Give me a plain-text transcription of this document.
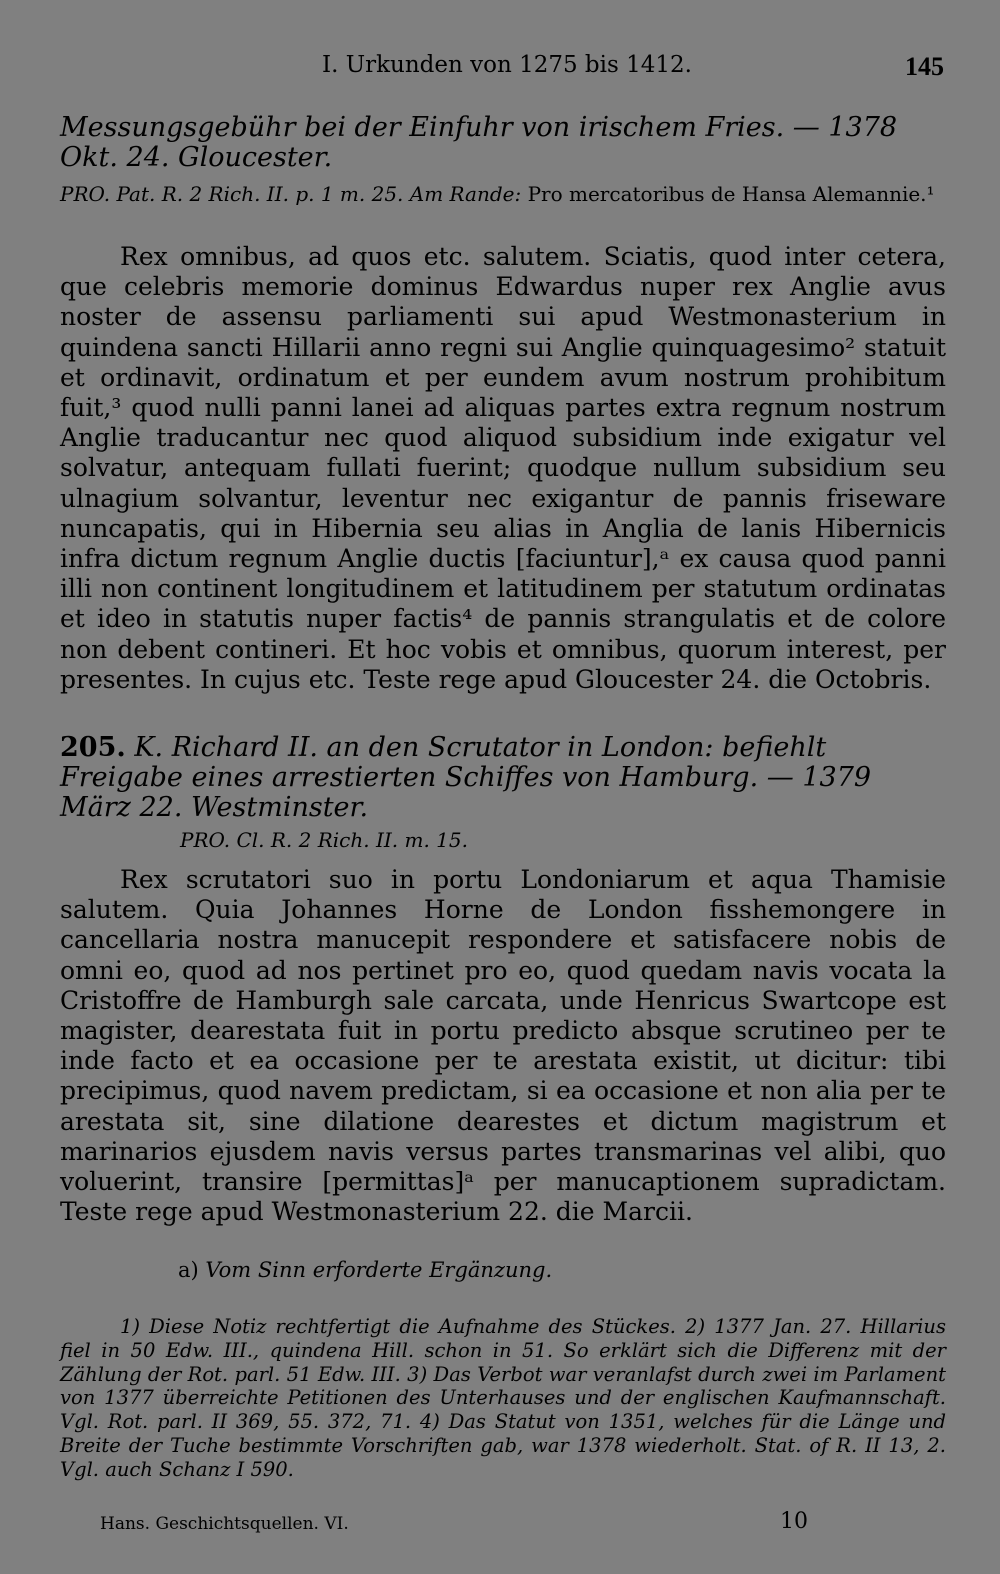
I. Urkunden von 1275 bis 1412.	145
Messungsgebühr bei der Einfuhr von irischem Fries. — 1378 Okt. 24. Gloucester.
PRO. Pat. R. 2 Rich. II. p. 1 m. 25. Am Rande: Pro mercatoribus de Hansa Alemannie.¹

Rex omnibus, ad quos etc. salutem. Sciatis, quod inter cetera, que celebris memorie dominus Edwardus nuper rex Anglie avus noster de assensu parliamenti sui apud Westmonasterium in quindena sancti Hillarii anno regni sui Anglie quinquagesimo² statuit et ordinavit, ordinatum et per eundem avum nostrum prohibitum fuit,³ quod nulli panni lanei ad aliquas partes extra regnum nostrum Anglie traducantur nec quod aliquod subsidium inde exigatur vel solvatur, antequam fullati fuerint; quodque nullum subsidium seu ulnagium solvantur, leventur nec exigantur de pannis friseware nuncapatis, qui in Hibernia seu alias in Anglia de lanis Hibernicis infra dictum regnum Anglie ductis [faciuntur],ᵃ ex causa quod panni illi non continent longitudinem et latitudinem per statutum ordinatas et ideo in statutis nuper factis⁴ de pannis strangulatis et de colore non debent contineri. Et hoc vobis et omnibus, quorum interest, per presentes. In cujus etc. Teste rege apud Gloucester 24. die Octobris.

205. K. Richard II. an den Scrutator in London: befiehlt Freigabe eines arrestierten Schiffes von Hamburg. — 1379 März 22. Westminster.
PRO. Cl. R. 2 Rich. II. m. 15.

Rex scrutatori suo in portu Londoniarum et aqua Thamisie salutem. Quia Johannes Horne de London fisshemongere in cancellaria nostra manucepit respondere et satisfacere nobis de omni eo, quod ad nos pertinet pro eo, quod quedam navis vocata la Cristoffre de Hamburgh sale carcata, unde Henricus Swartcope est magister, dearestata fuit in portu predicto absque scrutineo per te inde facto et ea occasione per te arestata existit, ut dicitur: tibi precipimus, quod navem predictam, si ea occasione et non alia per te arestata sit, sine dilatione dearestes et dictum magistrum et marinarios ejusdem navis versus partes transmarinas vel alibi, quo voluerint, transire [permittas]ᵃ per manucaptionem supradictam. Teste rege apud Westmonasterium 22. die Marcii.

a) Vom Sinn erforderte Ergänzung.

1) Diese Notiz rechtfertigt die Aufnahme des Stückes. 2) 1377 Jan. 27. Hillarius fiel in 50 Edw. III., quindena Hill. schon in 51. So erklärt sich die Differenz mit der Zählung der Rot. parl. 51 Edw. III. 3) Das Verbot war veranlafst durch zwei im Parlament von 1377 überreichte Petitionen des Unterhauses und der englischen Kaufmannschaft. Vgl. Rot. parl. II 369, 55. 372, 71. 4) Das Statut von 1351, welches für die Länge und Breite der Tuche bestimmte Vorschriften gab, war 1378 wiederholt. Stat. of R. II 13, 2. Vgl. auch Schanz I 590.

Hans. Geschichtsquellen. VI.	10
